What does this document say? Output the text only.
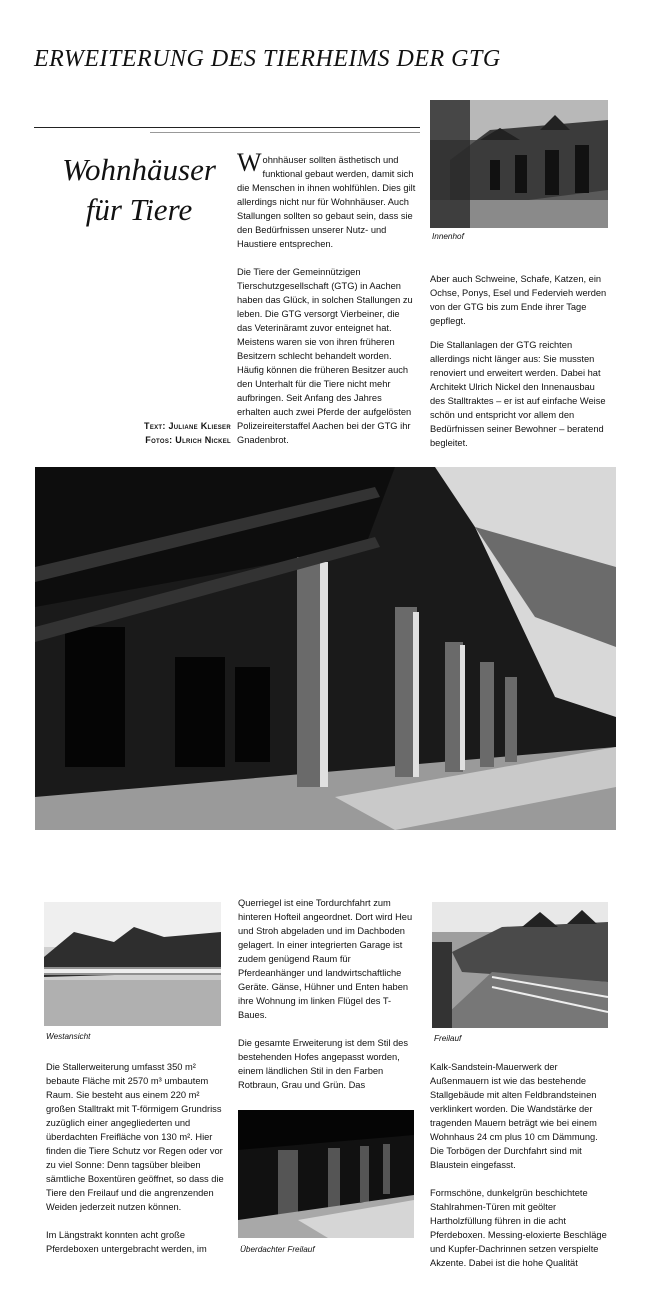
ERWEITERUNG DES TIERHEIMS DER GTG
Wohnhäuser
für Tiere
Text: Juliane Klieser
Fotos: Ulrich Nickel

Wohnhäuser sollten ästhetisch und funktional gebaut werden, damit sich die Menschen in ihnen wohlfühlen. Dies gilt allerdings nicht nur für Wohnhäuser. Auch Stallungen sollten so gebaut sein, dass sie den Bedürfnissen unserer Nutz- und Haustiere entsprechen.

Die Tiere der Gemeinnützigen Tierschutzgesellschaft (GTG) in Aachen haben das Glück, in solchen Stallungen zu leben. Die GTG versorgt Vierbeiner, die das Veterinäramt zuvor enteignet hat. Meistens waren sie von ihren früheren Besitzern schlecht behandelt worden. Häufig können die früheren Besitzer auch den Unterhalt für die Tiere nicht mehr aufbringen. Seit Anfang des Jahres erhalten auch zwei Pferde der aufgelösten Polizeireiterstaffel Aachen bei der GTG ihr Gnadenbrot.

Innenhof

Aber auch Schweine, Schafe, Katzen, ein Ochse, Ponys, Esel und Federvieh werden von der GTG bis zum Ende ihrer Tage gepflegt.

Die Stallanlagen der GTG reichten allerdings nicht länger aus: Sie mussten renoviert und erweitert werden. Dabei hat Architekt Ulrich Nickel den Innenausbau des Stalltraktes – er ist auf einfache Weise schön und entspricht vor allem den Bedürfnissen seiner Bewohner – beratend begleitet.

Westansicht

Die Stallerweiterung umfasst 350 m² bebaute Fläche mit 2570 m³ umbautem Raum. Sie besteht aus einem 220 m² großen Stalltrakt mit T-förmigem Grundriss zuzüglich einer angegliederten und überdachten Freifläche von 130 m². Hier finden die Tiere Schutz vor Regen oder vor zu viel Sonne: Denn tagsüber bleiben sämtliche Boxentüren geöffnet, so dass die Tiere den Freilauf und die angrenzenden Weiden jederzeit nutzen können.

Im Längstrakt konnten acht große Pferdeboxen untergebracht werden, im

Querriegel ist eine Tordurchfahrt zum hinteren Hofteil angeordnet. Dort wird Heu und Stroh abgeladen und im Dachboden gelagert. In einer integrierten Garage ist zudem genügend Raum für Pferdeanhänger und landwirtschaftliche Geräte. Gänse, Hühner und Enten haben ihre Wohnung im linken Flügel des T-Baues.

Die gesamte Erweiterung ist dem Stil des bestehenden Hofes angepasst worden, einem ländlichen Stil in den Farben Rotbraun, Grau und Grün. Das

Überdachter Freilauf
Freilauf

Kalk-Sandstein-Mauerwerk der Außenmauern ist wie das bestehende Stallgebäude mit alten Feldbrandsteinen verklinkert worden. Die Wandstärke der tragenden Mauern beträgt wie bei einem Wohnhaus 24 cm plus 10 cm Dämmung. Die Torbögen der Durchfahrt sind mit Blaustein eingefasst.

Formschöne, dunkelgrün beschichtete Stahlrahmen-Türen mit geölter Hartholzfüllung führen in die acht Pferdeboxen. Messing-eloxierte Beschläge und Kupfer-Dachrinnen setzen verspielte Akzente. Dabei ist die hohe Qualität
